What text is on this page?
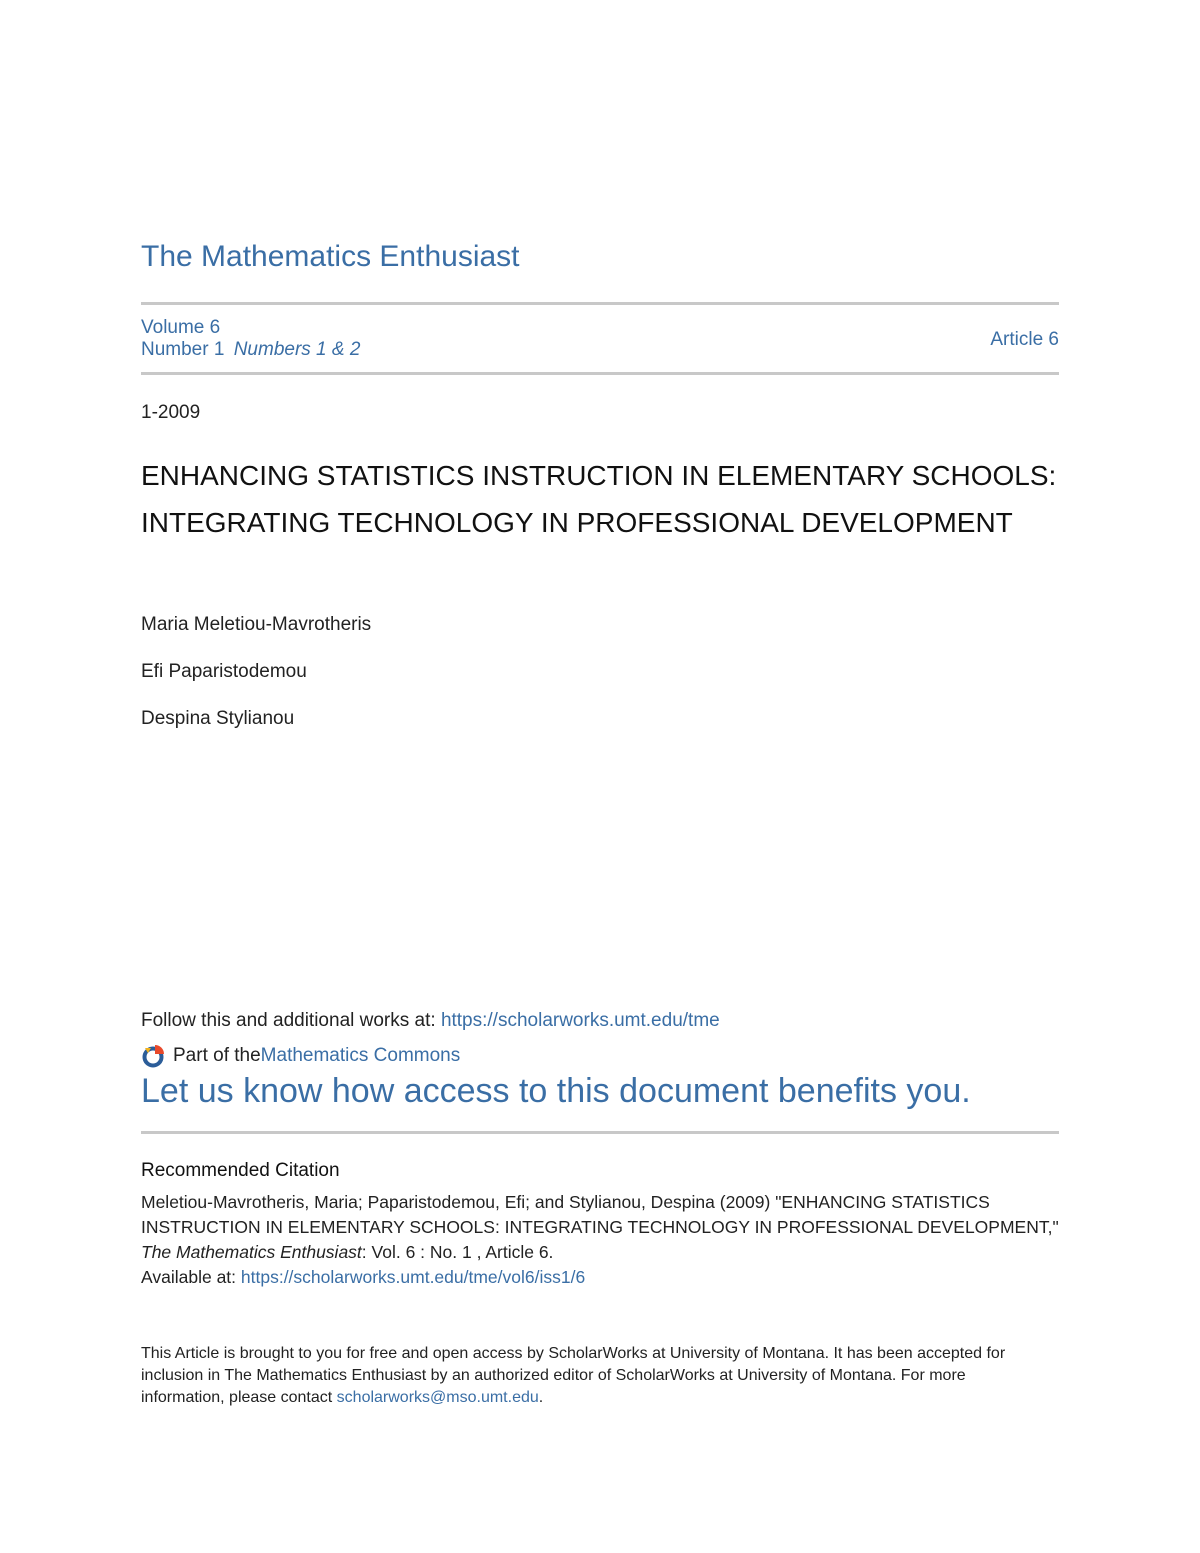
The Mathematics Enthusiast
Volume 6
Number 1 Numbers 1 & 2	Article 6
1-2009
ENHANCING STATISTICS INSTRUCTION IN ELEMENTARY SCHOOLS: INTEGRATING TECHNOLOGY IN PROFESSIONAL DEVELOPMENT
Maria Meletiou-Mavrotheris
Efi Paparistodemou
Despina Stylianou
Follow this and additional works at: https://scholarworks.umt.edu/tme
Part of the Mathematics Commons
Let us know how access to this document benefits you.
Recommended Citation
Meletiou-Mavrotheris, Maria; Paparistodemou, Efi; and Stylianou, Despina (2009) "ENHANCING STATISTICS INSTRUCTION IN ELEMENTARY SCHOOLS: INTEGRATING TECHNOLOGY IN PROFESSIONAL DEVELOPMENT," The Mathematics Enthusiast: Vol. 6 : No. 1 , Article 6.
Available at: https://scholarworks.umt.edu/tme/vol6/iss1/6
This Article is brought to you for free and open access by ScholarWorks at University of Montana. It has been accepted for inclusion in The Mathematics Enthusiast by an authorized editor of ScholarWorks at University of Montana. For more information, please contact scholarworks@mso.umt.edu.
